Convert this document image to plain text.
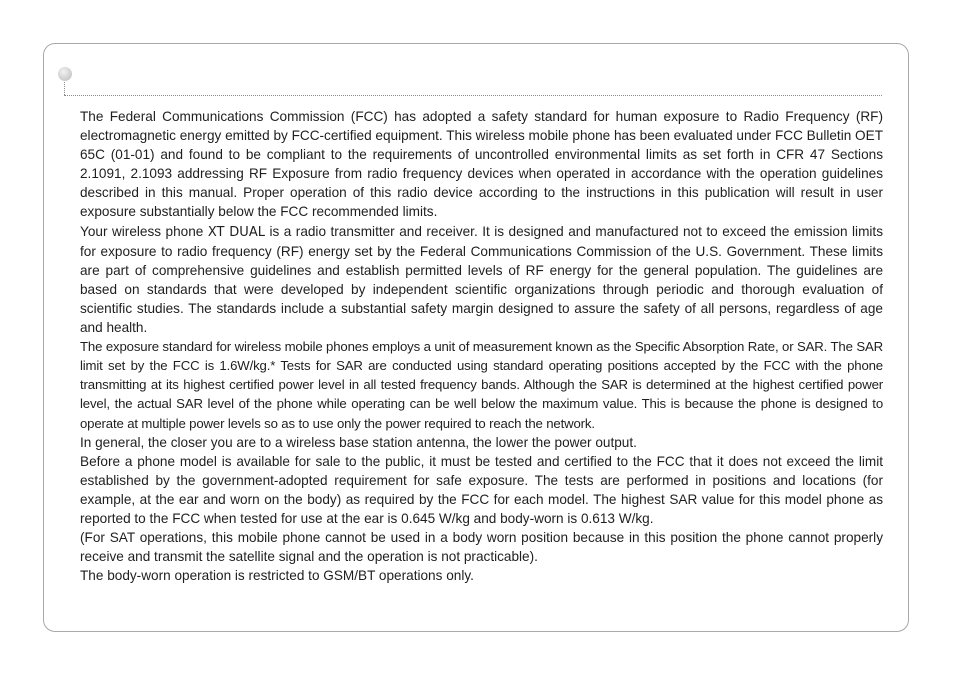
The Federal Communications Commission (FCC) has adopted a safety standard for human exposure to Radio Frequency (RF) electromagnetic energy emitted by FCC-certified equipment. This wireless mobile phone has been evaluated under FCC Bulletin OET 65C (01-01) and found to be compliant to the requirements of uncontrolled environmental limits as set forth in CFR 47 Sections 2.1091, 2.1093 addressing RF Exposure from radio frequency devices when operated in accordance with the operation guidelines described in this manual. Proper operation of this radio device according to the instructions in this publication will result in user exposure substantially below the FCC recommended limits.

Your wireless phone XT DUAL is a radio transmitter and receiver. It is designed and manufactured not to exceed the emission limits for exposure to radio frequency (RF) energy set by the Federal Communications Commission of the U.S. Government. These limits are part of comprehensive guidelines and establish permitted levels of RF energy for the general population. The guidelines are based on standards that were developed by independent scientific organizations through periodic and thorough evaluation of scientific studies. The standards include a substantial safety margin designed to assure the safety of all persons, regardless of age and health.

The exposure standard for wireless mobile phones employs a unit of measurement known as the Specific Absorption Rate, or SAR. The SAR limit set by the FCC is 1.6W/kg.* Tests for SAR are conducted using standard operating positions accepted by the FCC with the phone transmitting at its highest certified power level in all tested frequency bands. Although the SAR is determined at the highest certified power level, the actual SAR level of the phone while operating can be well below the maximum value. This is because the phone is designed to operate at multiple power levels so as to use only the power required to reach the network.

In general, the closer you are to a wireless base station antenna, the lower the power output.

Before a phone model is available for sale to the public, it must be tested and certified to the FCC that it does not exceed the limit established by the government-adopted requirement for safe exposure. The tests are performed in positions and locations (for example, at the ear and worn on the body) as required by the FCC for each model. The highest SAR value for this model phone as reported to the FCC when tested for use at the ear is 0.645 W/kg and body-worn is 0.613 W/kg.

(For SAT operations, this mobile phone cannot be used in a body worn position because in this position the phone cannot properly receive and transmit the satellite signal and the operation is not practicable).

The body-worn operation is restricted to GSM/BT operations only.
